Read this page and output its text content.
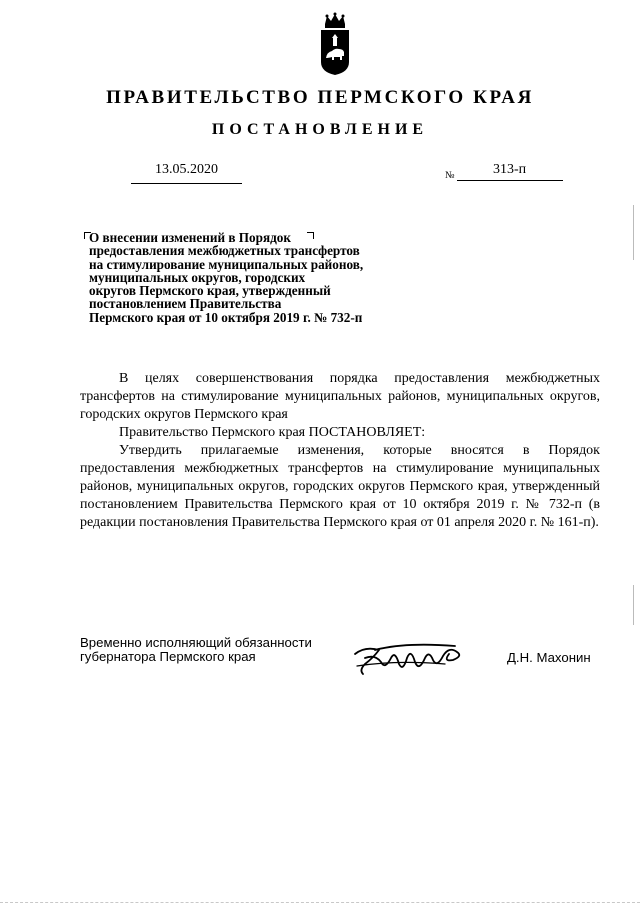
ПРАВИТЕЛЬСТВО ПЕРМСКОГО КРАЯ
ПОСТАНОВЛЕНИЕ
13.05.2020	№	313-п
О внесении изменений в Порядок
предоставления межбюджетных трансфертов
на стимулирование муниципальных районов,
муниципальных округов, городских
округов Пермского края, утвержденный
постановлением Правительства
Пермского края от 10 октября 2019 г. № 732-п

В целях совершенствования порядка предоставления межбюджетных трансфертов на стимулирование муниципальных районов, муниципальных округов, городских округов Пермского края

Правительство Пермского края ПОСТАНОВЛЯЕТ:

Утвердить прилагаемые изменения, которые вносятся в Порядок предоставления межбюджетных трансфертов на стимулирование муниципальных районов, муниципальных округов, городских округов Пермского края, утвержденный постановлением Правительства Пермского края от 10 октября 2019 г. № 732-п (в редакции постановления Правительства Пермского края от 01 апреля 2020 г. № 161-п).

Временно исполняющий обязанности
губернатора Пермского края	Д.Н. Махонин
